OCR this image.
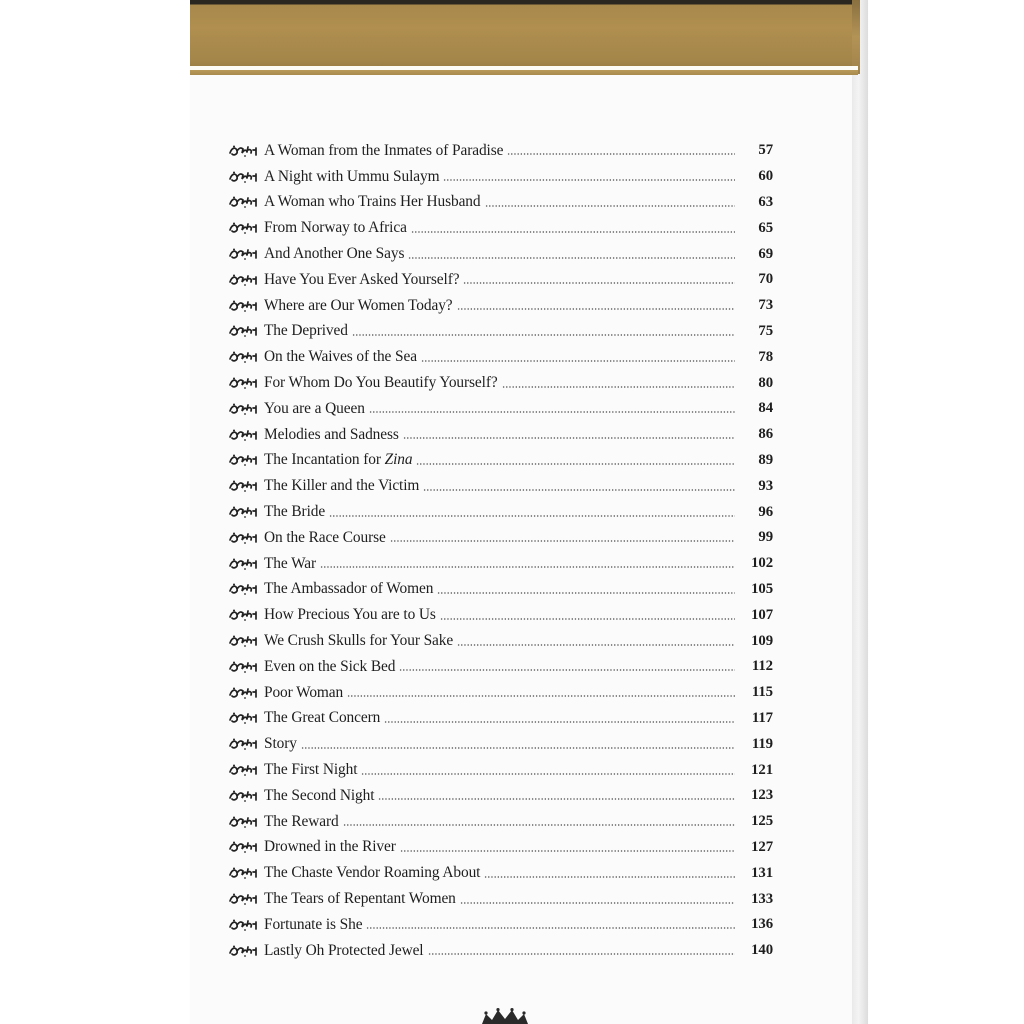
A Woman from the Inmates of Paradise	57
A Night with Ummu Sulaym	60
A Woman who Trains Her Husband	63
From Norway to Africa	65
And Another One Says	69
Have You Ever Asked Yourself?	70
Where are Our Women Today?	73
The Deprived	75
On the Waives of the Sea	78
For Whom Do You Beautify Yourself?	80
You are a Queen	84
Melodies and Sadness	86
The Incantation for Zina	89
The Killer and the Victim	93
The Bride	96
On the Race Course	99
The War	102
The Ambassador of Women	105
How Precious You are to Us	107
We Crush Skulls for Your Sake	109
Even on the Sick Bed	112
Poor Woman	115
The Great Concern	117
Story	119
The First Night	121
The Second Night	123
The Reward	125
Drowned in the River	127
The Chaste Vendor Roaming About	131
The Tears of Repentant Women	133
Fortunate is She	136
Lastly Oh Protected Jewel	140
